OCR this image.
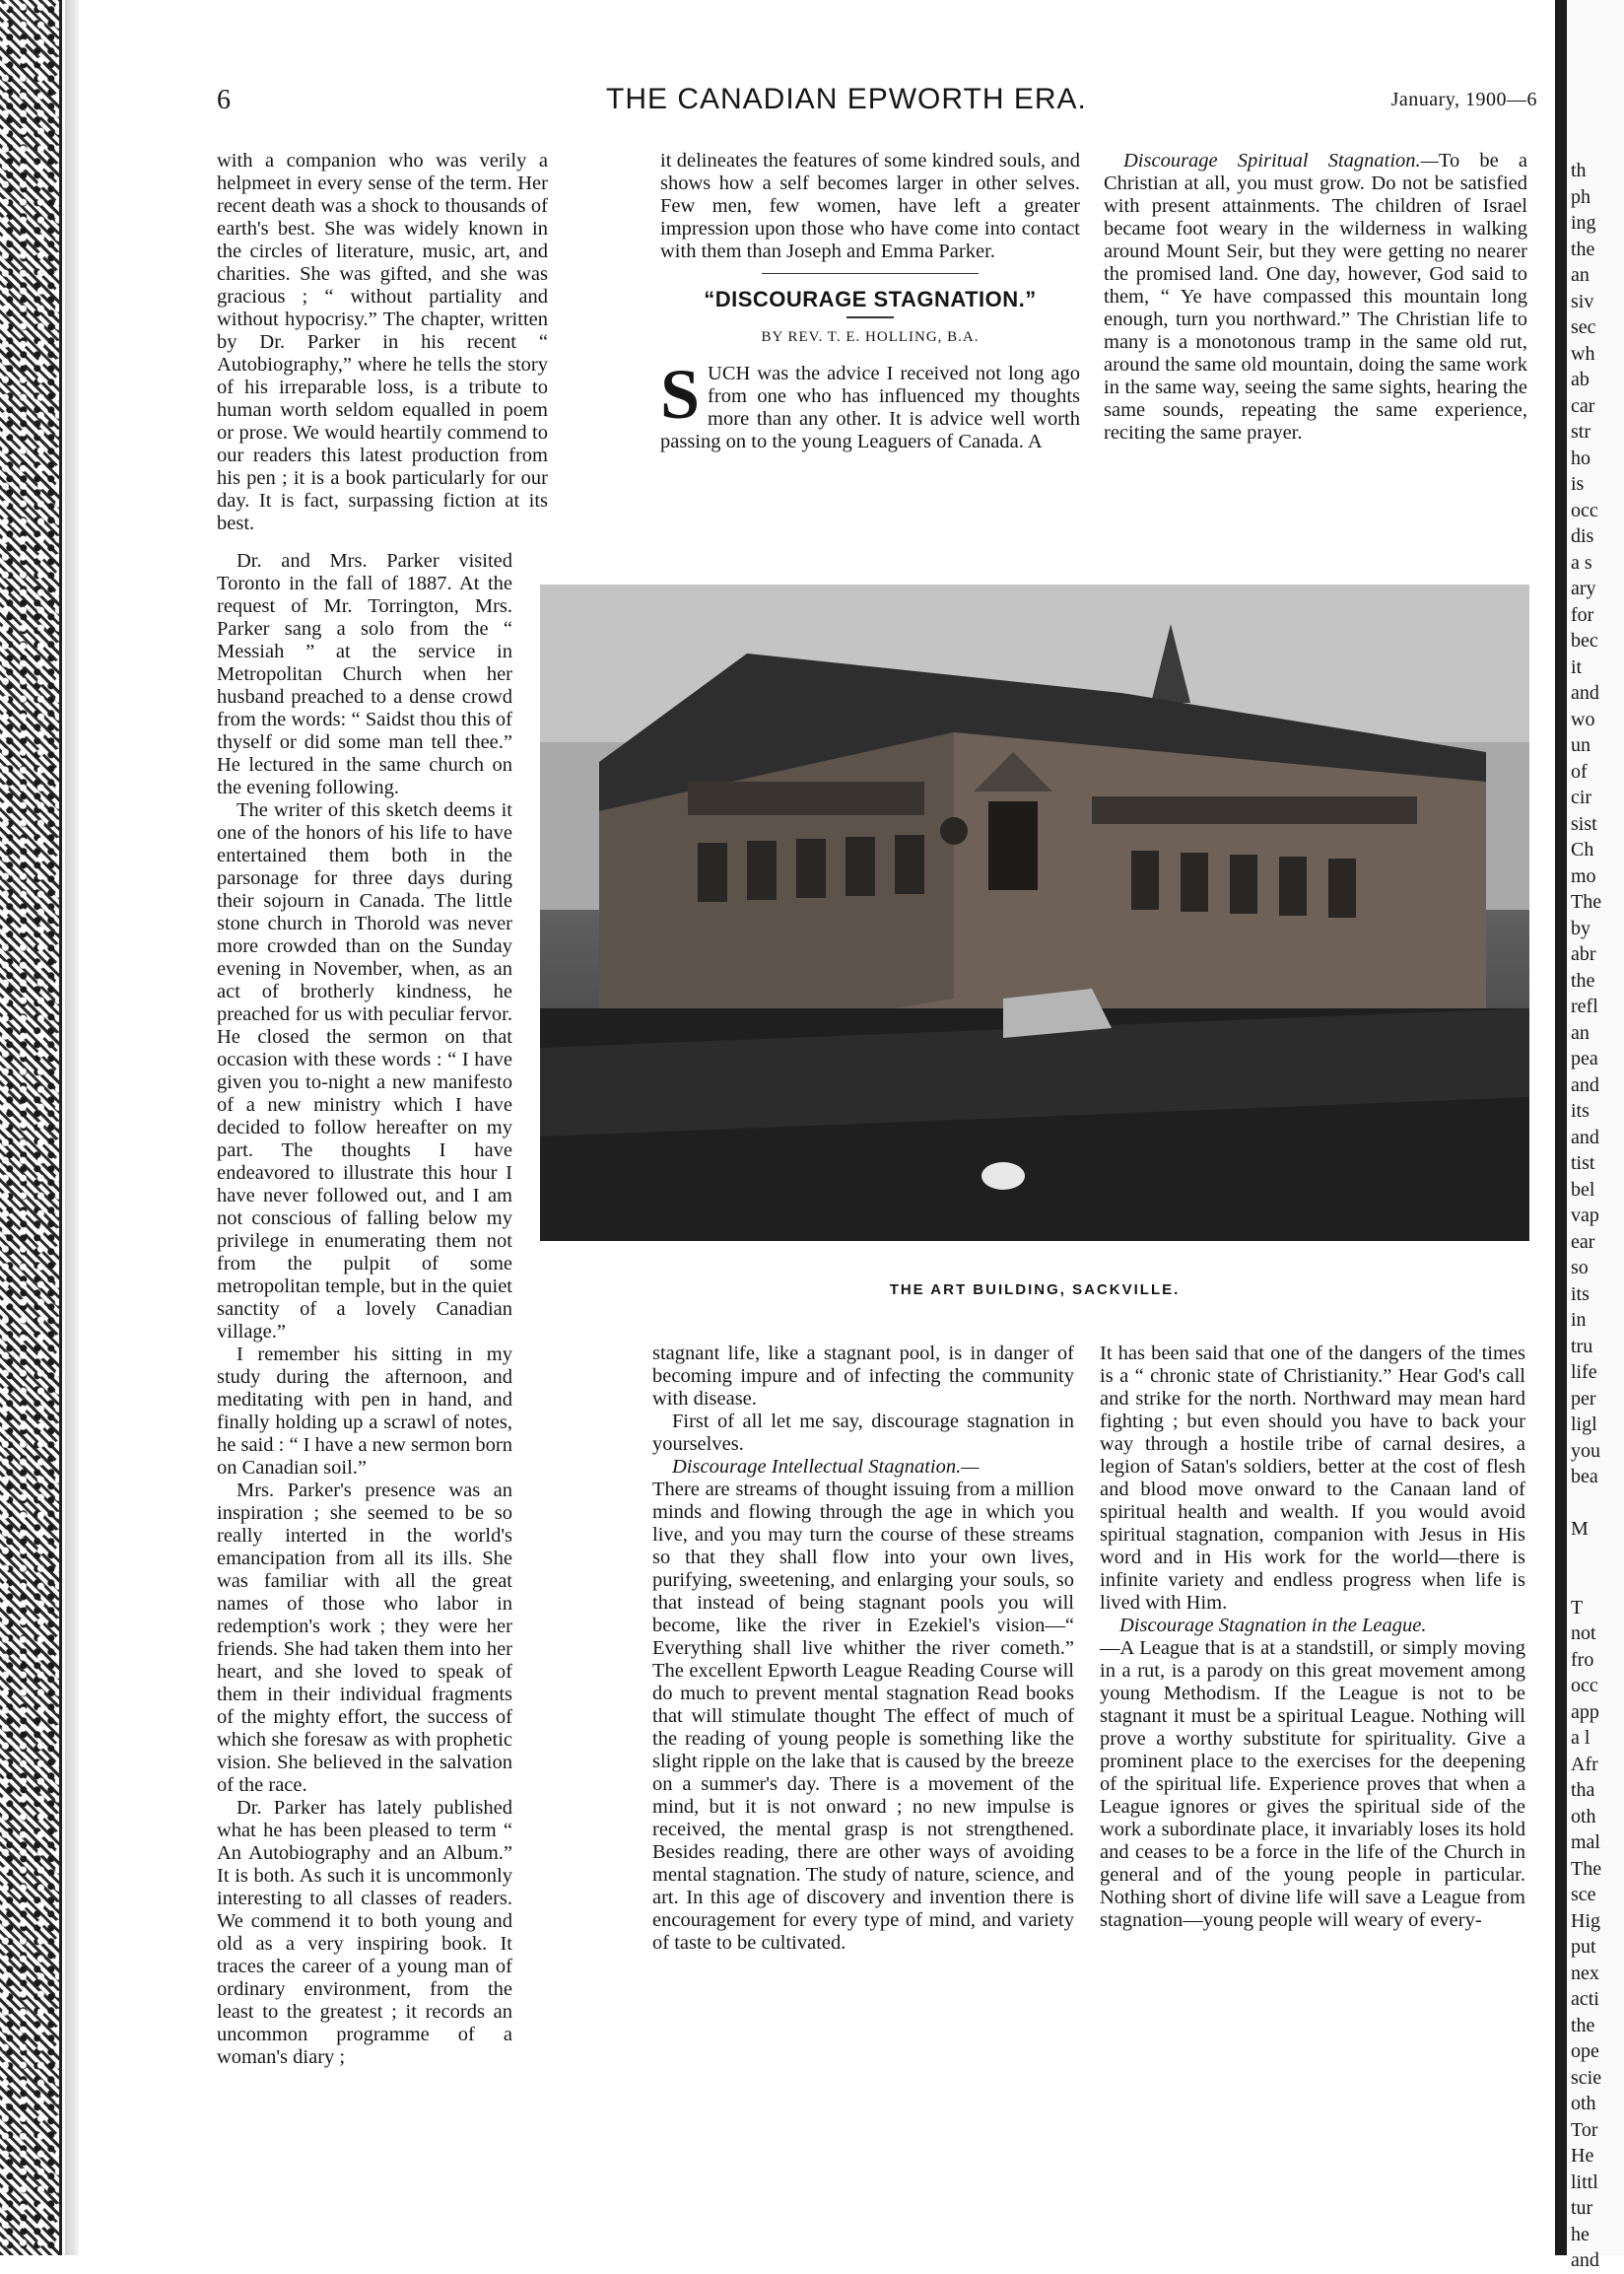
6	THE CANADIAN EPWORTH ERA.	January, 1900—6

with a companion who was verily a helpmeet in every sense of the term. Her recent death was a shock to thousands of earth's best. She was widely known in the circles of literature, music, art, and charities. She was gifted, and she was gracious ; “ without partiality and without hypocrisy.” The chapter, written by Dr. Parker in his recent “ Autobiography,” where he tells the story of his irreparable loss, is a tribute to human worth seldom equalled in poem or prose. We would heartily commend to our readers this latest production from his pen ; it is a book particularly for our day. It is fact, surpassing fiction at its best.

Dr. and Mrs. Parker visited Toronto in the fall of 1887. At the request of Mr. Torrington, Mrs. Parker sang a solo from the “ Messiah ” at the service in Metropolitan Church when her husband preached to a dense crowd from the words: “ Saidst thou this of thyself or did some man tell thee.” He lectured in the same church on the evening following.

The writer of this sketch deems it one of the honors of his life to have entertained them both in the parsonage for three days during their sojourn in Canada. The little stone church in Thorold was never more crowded than on the Sunday evening in November, when, as an act of brotherly kindness, he preached for us with peculiar fervor. He closed the sermon on that occasion with these words : “ I have given you to-night a new manifesto of a new ministry which I have decided to follow hereafter on my part. The thoughts I have endeavored to illustrate this hour I have never followed out, and I am not conscious of falling below my privilege in enumerating them not from the pulpit of some metropolitan temple, but in the quiet sanctity of a lovely Canadian village.”

I remember his sitting in my study during the afternoon, and meditating with pen in hand, and finally holding up a scrawl of notes, he said : “ I have a new sermon born on Canadian soil.”

Mrs. Parker's presence was an inspiration ; she seemed to be so really interted in the world's emancipation from all its ills. She was familiar with all the great names of those who labor in redemption's work ; they were her friends. She had taken them into her heart, and she loved to speak of them in their individual fragments of the mighty effort, the success of which she foresaw as with prophetic vision. She believed in the salvation of the race.

Dr. Parker has lately published what he has been pleased to term “ An Autobiography and an Album.” It is both. As such it is uncommonly interesting to all classes of readers. We commend it to both young and old as a very inspiring book. It traces the career of a young man of ordinary environment, from the least to the greatest ; it records an uncommon programme of a woman's diary ;

it delineates the features of some kindred souls, and shows how a self becomes larger in other selves. Few men, few women, have left a greater impression upon those who have come into contact with them than Joseph and Emma Parker.

“DISCOURAGE STAGNATION.”
BY REV. T. E. HOLLING, B.A.

SUCH was the advice I received not long ago from one who has influenced my thoughts more than any other. It is advice well worth passing on to the young Leaguers of Canada. A

Discourage Spiritual Stagnation.—To be a Christian at all, you must grow. Do not be satisfied with present attainments. The children of Israel became foot weary in the wilderness in walking around Mount Seir, but they were getting no nearer the promised land. One day, however, God said to them, “ Ye have compassed this mountain long enough, turn you northward.” The Christian life to many is a monotonous tramp in the same old rut, around the same old mountain, doing the same work in the same way, seeing the same sights, hearing the same sounds, repeating the same experience, reciting the same prayer.

THE ART BUILDING, SACKVILLE.

stagnant life, like a stagnant pool, is in danger of becoming impure and of infecting the community with disease.

First of all let me say, discourage stagnation in yourselves.

Discourage Intellectual Stagnation.—

There are streams of thought issuing from a million minds and flowing through the age in which you live, and you may turn the course of these streams so that they shall flow into your own lives, purifying, sweetening, and enlarging your souls, so that instead of being stagnant pools you will become, like the river in Ezekiel's vision—“ Everything shall live whither the river cometh.” The excellent Epworth League Reading Course will do much to prevent mental stagnation Read books that will stimulate thought The effect of much of the reading of young people is something like the slight ripple on the lake that is caused by the breeze on a summer's day. There is a movement of the mind, but it is not onward ; no new impulse is received, the mental grasp is not strengthened. Besides reading, there are other ways of avoiding mental stagnation. The study of nature, science, and art. In this age of discovery and invention there is encouragement for every type of mind, and variety of taste to be cultivated.

It has been said that one of the dangers of the times is a “ chronic state of Christianity.” Hear God's call and strike for the north. Northward may mean hard fighting ; but even should you have to back your way through a hostile tribe of carnal desires, a legion of Satan's soldiers, better at the cost of flesh and blood move onward to the Canaan land of spiritual health and wealth. If you would avoid spiritual stagnation, companion with Jesus in His word and in His work for the world—there is infinite variety and endless progress when life is lived with Him.

Discourage Stagnation in the League.

—A League that is at a standstill, or simply moving in a rut, is a parody on this great movement among young Methodism. If the League is not to be stagnant it must be a spiritual League. Nothing will prove a worthy substitute for spirituality. Give a prominent place to the exercises for the deepening of the spiritual life. Experience proves that when a League ignores or gives the spiritual side of the work a subordinate place, it invariably loses its hold and ceases to be a force in the life of the Church in general and of the young people in particular. Nothing short of divine life will save a League from stagnation—young people will weary of every-

th
ph
ing
the
an
siv
sec
wh
ab
car
str
ho
is
occ
dis
a s
ary
for
bec
it
and
wo
un
of
cir
sist
Ch
mo
The
by
abr
the
refl
an
pea
and
its
and
tist
bel
vap
ear
so
its
in
tru
life
per
ligl
you
bea

M

T
not
fro
occ
app
a l
Afr
tha
oth
mal
The
sce
Hig
put
nex
acti
the
ope
scie
oth
Tor
He
littl
tur
he
and
